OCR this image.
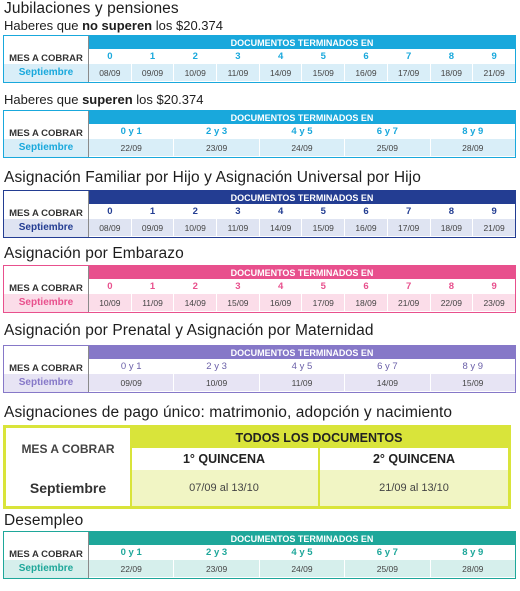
Jubilaciones y pensiones
Haberes que no superen los $20.374
MES A COBRAR	DOCUMENTOS TERMINADOS EN									
	0	1	2	3	4	5	6	7	8	9
	08/09	09/09	10/09	11/09	14/09	15/09	16/09	17/09	18/09	21/09
Septiembre
Haberes que superen los $20.374
MES A COBRAR	DOCUMENTOS TERMINADOS EN				
	0 y 1	2 y 3	4 y 5	6 y 7	8 y 9
	22/09	23/09	24/09	25/09	28/09
Septiembre
Asignación Familiar por Hijo y Asignación Universal por Hijo
MES A COBRAR	DOCUMENTOS TERMINADOS EN									
	0	1	2	3	4	5	6	7	8	9
	08/09	09/09	10/09	11/09	14/09	15/09	16/09	17/09	18/09	21/09
Septiembre
Asignación por Embarazo
MES A COBRAR	DOCUMENTOS TERMINADOS EN									
	0	1	2	3	4	5	6	7	8	9
	10/09	11/09	14/09	15/09	16/09	17/09	18/09	21/09	22/09	23/09
Septiembre
Asignación por Prenatal y Asignación por Maternidad
MES A COBRAR	DOCUMENTOS TERMINADOS EN				
	0 y 1	2 y 3	4 y 5	6 y 7	8 y 9
	09/09	10/09	11/09	14/09	15/09
Septiembre
Asignaciones de pago único: matrimonio, adopción y nacimiento
MES A COBRAR
Septiembre
TODOS LOS DOCUMENTOS
1° QUINCENA	2° QUINCENA
07/09 al 13/10	21/09 al 13/10
Desempleo
MES A COBRAR	DOCUMENTOS TERMINADOS EN				
	0 y 1	2 y 3	4 y 5	6 y 7	8 y 9
	22/09	23/09	24/09	25/09	28/09
Septiembre
